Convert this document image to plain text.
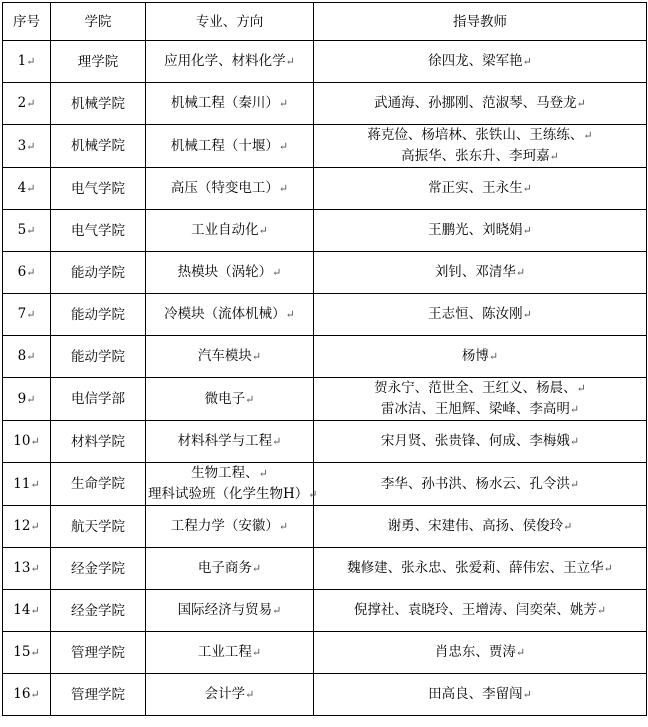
序号	学院	专业、方向	指导教师
1↵	理学院	应用化学、材料化学↵	徐四龙、梁军艳↵

2↵	机械学院	机械工程（秦川）↵	武通海、孙挪刚、范淑琴、马登龙↵

3↵	机械学院	机械工程（十堰）↵	蒋克俭、杨培林、张铁山、王练练、↵
高振华、张东升、李珂嘉↵

4↵	电气学院	高压（特变电工）↵	常正实、王永生↵

5↵	电气学院	工业自动化↵	王鹏光、刘晓娟↵

6↵	能动学院	热模块（涡轮）↵	刘钊、邓清华↵

7↵	能动学院	冷模块（流体机械）↵	王志恒、陈汝刚↵

8↵	能动学院	汽车模块↵	杨博↵

9↵	电信学部	微电子↵	贺永宁、范世全、王红义、杨晨、↵
雷冰洁、王旭辉、梁峰、李高明↵

10↵	材料学院	材料科学与工程↵	宋月贤、张贵锋、何成、李梅娥↵

11↵	生命学院	生物工程、↵
理科试验班（化学生物H）↵	李华、孙书洪、杨水云、孔令洪↵

12↵	航天学院	工程力学（安徽）↵	谢勇、宋建伟、高扬、侯俊玲↵

13↵	经金学院	电子商务↵	魏修建、张永忠、张爱莉、薛伟宏、王立华↵

14↵	经金学院	国际经济与贸易↵	倪撑社、袁晓玲、王增涛、闫奕荣、姚芳↵

15↵	管理学院	工业工程↵	肖忠东、贾涛↵

16↵	管理学院	会计学↵	田高良、李留闯↵
